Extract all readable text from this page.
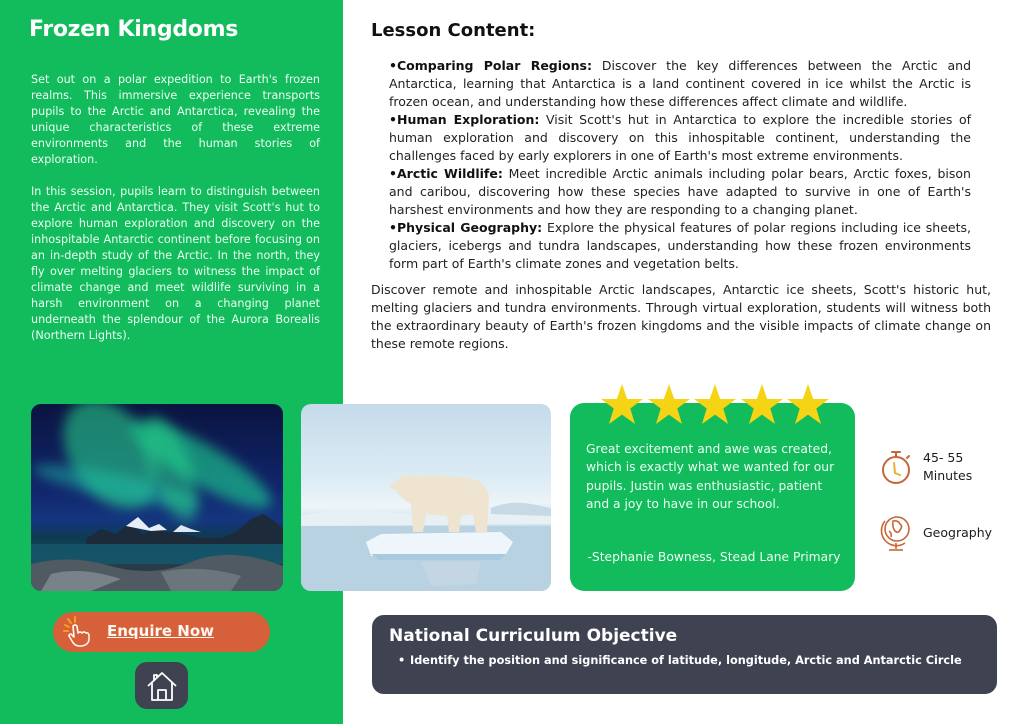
Frozen Kingdoms

Set out on a polar expedition to Earth's frozen realms. This immersive experience transports pupils to the Arctic and Antarctica, revealing the unique characteristics of these extreme environments and the human stories of exploration.

In this session, pupils learn to distinguish between the Arctic and Antarctica. They visit Scott's hut to explore human exploration and discovery on the inhospitable Antarctic continent before focusing on an in-depth study of the Arctic. In the north, they fly over melting glaciers to witness the impact of climate change and meet wildlife surviving in a harsh environment on a changing planet underneath the splendour of the Aurora Borealis (Northern Lights).

Lesson Content:

•Comparing Polar Regions: Discover the key differences between the Arctic and Antarctica, learning that Antarctica is a land continent covered in ice whilst the Arctic is frozen ocean, and understanding how these differences affect climate and wildlife.

•Human Exploration: Visit Scott's hut in Antarctica to explore the incredible stories of human exploration and discovery on this inhospitable continent, understanding the challenges faced by early explorers in one of Earth's most extreme environments.

•Arctic Wildlife: Meet incredible Arctic animals including polar bears, Arctic foxes, bison and caribou, discovering how these species have adapted to survive in one of Earth's harshest environments and how they are responding to a changing planet.

•Physical Geography: Explore the physical features of polar regions including ice sheets, glaciers, icebergs and tundra landscapes, understanding how these frozen environments form part of Earth's climate zones and vegetation belts.

Discover remote and inhospitable Arctic landscapes, Antarctic ice sheets, Scott's historic hut, melting glaciers and tundra environments. Through virtual exploration, students will witness both the extraordinary beauty of Earth's frozen kingdoms and the visible impacts of climate change on these remote regions.

Great excitement and awe was created, which is exactly what we wanted for our pupils. Justin was enthusiastic, patient and a joy to have in our school.

-Stephanie Bowness, Stead Lane Primary

45- 55
Minutes
Geography
National Curriculum Objective
• Identify the position and significance of latitude, longitude, Arctic and Antarctic Circle
Enquire Now
